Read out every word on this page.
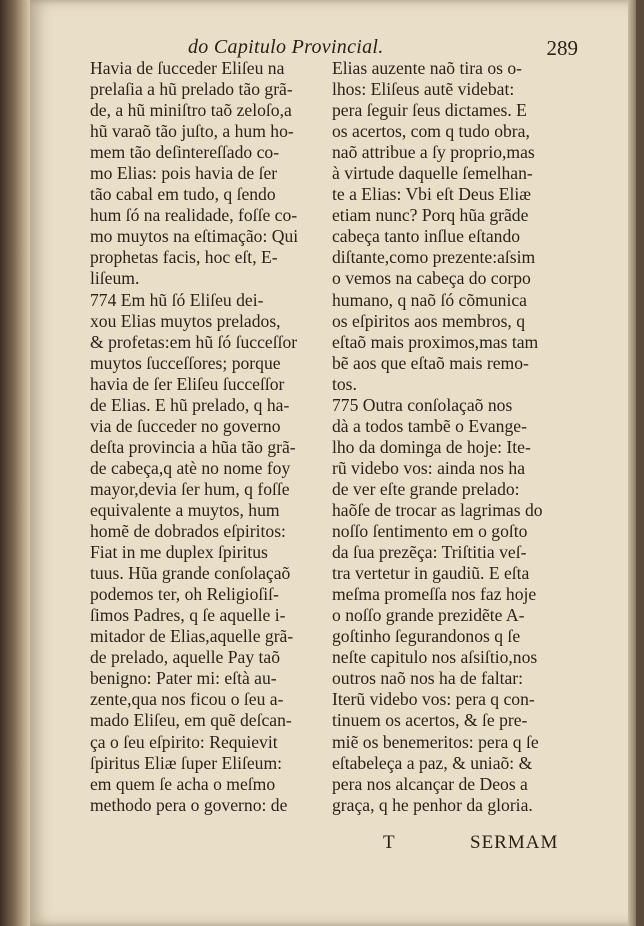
do Capitulo Provincial.	289
Havia de ſucceder Eliſeu na
prelaſia a hũ prelado tão grã-
de, a hũ miniſtro taõ zeloſo,a
hũ varaõ tão juſto, a hum ho-
mem tão deſintereſſado co-
mo Elias: pois havia de ſer
tão cabal em tudo, q ſendo
hum ſó na realidade, foſſe co-
mo muytos na eſtimação: Qui
prophetas facis, hoc eſt, E-
liſeum.
774 Em hũ ſó Eliſeu dei-
xou Elias muytos prelados,
& profetas:em hũ ſó ſucceſſor
muytos ſucceſſores; porque
havia de ſer Eliſeu ſucceſſor
de Elias. E hũ prelado, q ha-
via de ſucceder no governo
deſta provincia a hũa tão grã-
de cabeça,q atè no nome foy
mayor,devia ſer hum, q foſſe
equivalente a muytos, hum
homẽ de dobrados eſpiritos:
Fiat in me duplex ſpiritus
tuus. Hũa grande conſolaçaõ
podemos ter, oh Religioſiſ-
ſimos Padres, q ſe aquelle i-
mitador de Elias,aquelle grã-
de prelado, aquelle Pay taõ
benigno: Pater mi: eſtà au-
zente,qua nos ficou o ſeu a-
mado Eliſeu, em quẽ deſcan-
ça o ſeu eſpirito: Requievit
ſpiritus Eliæ ſuper Eliſeum:
em quem ſe acha o meſmo
methodo pera o governo: de
Elias auzente naõ tira os o-
lhos: Eliſeus autẽ videbat:
pera ſeguir ſeus dictames. E
os acertos, com q tudo obra,
naõ attribue a ſy proprio,mas
à virtude daquelle ſemelhan-
te a Elias: Vbi eſt Deus Eliæ
etiam nunc? Porq hũa grãde
cabeça tanto inſlue eſtando
diſtante,como prezente:aſsim
o vemos na cabeça do corpo
humano, q naõ ſó cõmunica
os eſpiritos aos membros, q
eſtaõ mais proximos,mas tam
bẽ aos que eſtaõ mais remo-
tos.
775 Outra conſolaçaõ nos
dà a todos tambẽ o Evange-
lho da dominga de hoje: Ite-
rũ videbo vos: ainda nos ha
de ver eſte grande prelado:
haõſe de trocar as lagrimas do
noſſo ſentimento em o goſto
da ſua prezẽça: Triſtitia veſ-
tra vertetur in gaudiũ. E eſta
meſma promeſſa nos faz hoje
o noſſo grande prezidẽte A-
goſtinho ſegurandonos q ſe
neſte capitulo nos aſsiſtio,nos
outros naõ nos ha de faltar:
Iterũ videbo vos: pera q con-
tinuem os acertos, & ſe pre-
miẽ os benemeritos: pera q ſe
eſtabeleça a paz, & uniaõ: &
pera nos alcançar de Deos a
graça, q he penhor da gloria.
T	SERMAM
